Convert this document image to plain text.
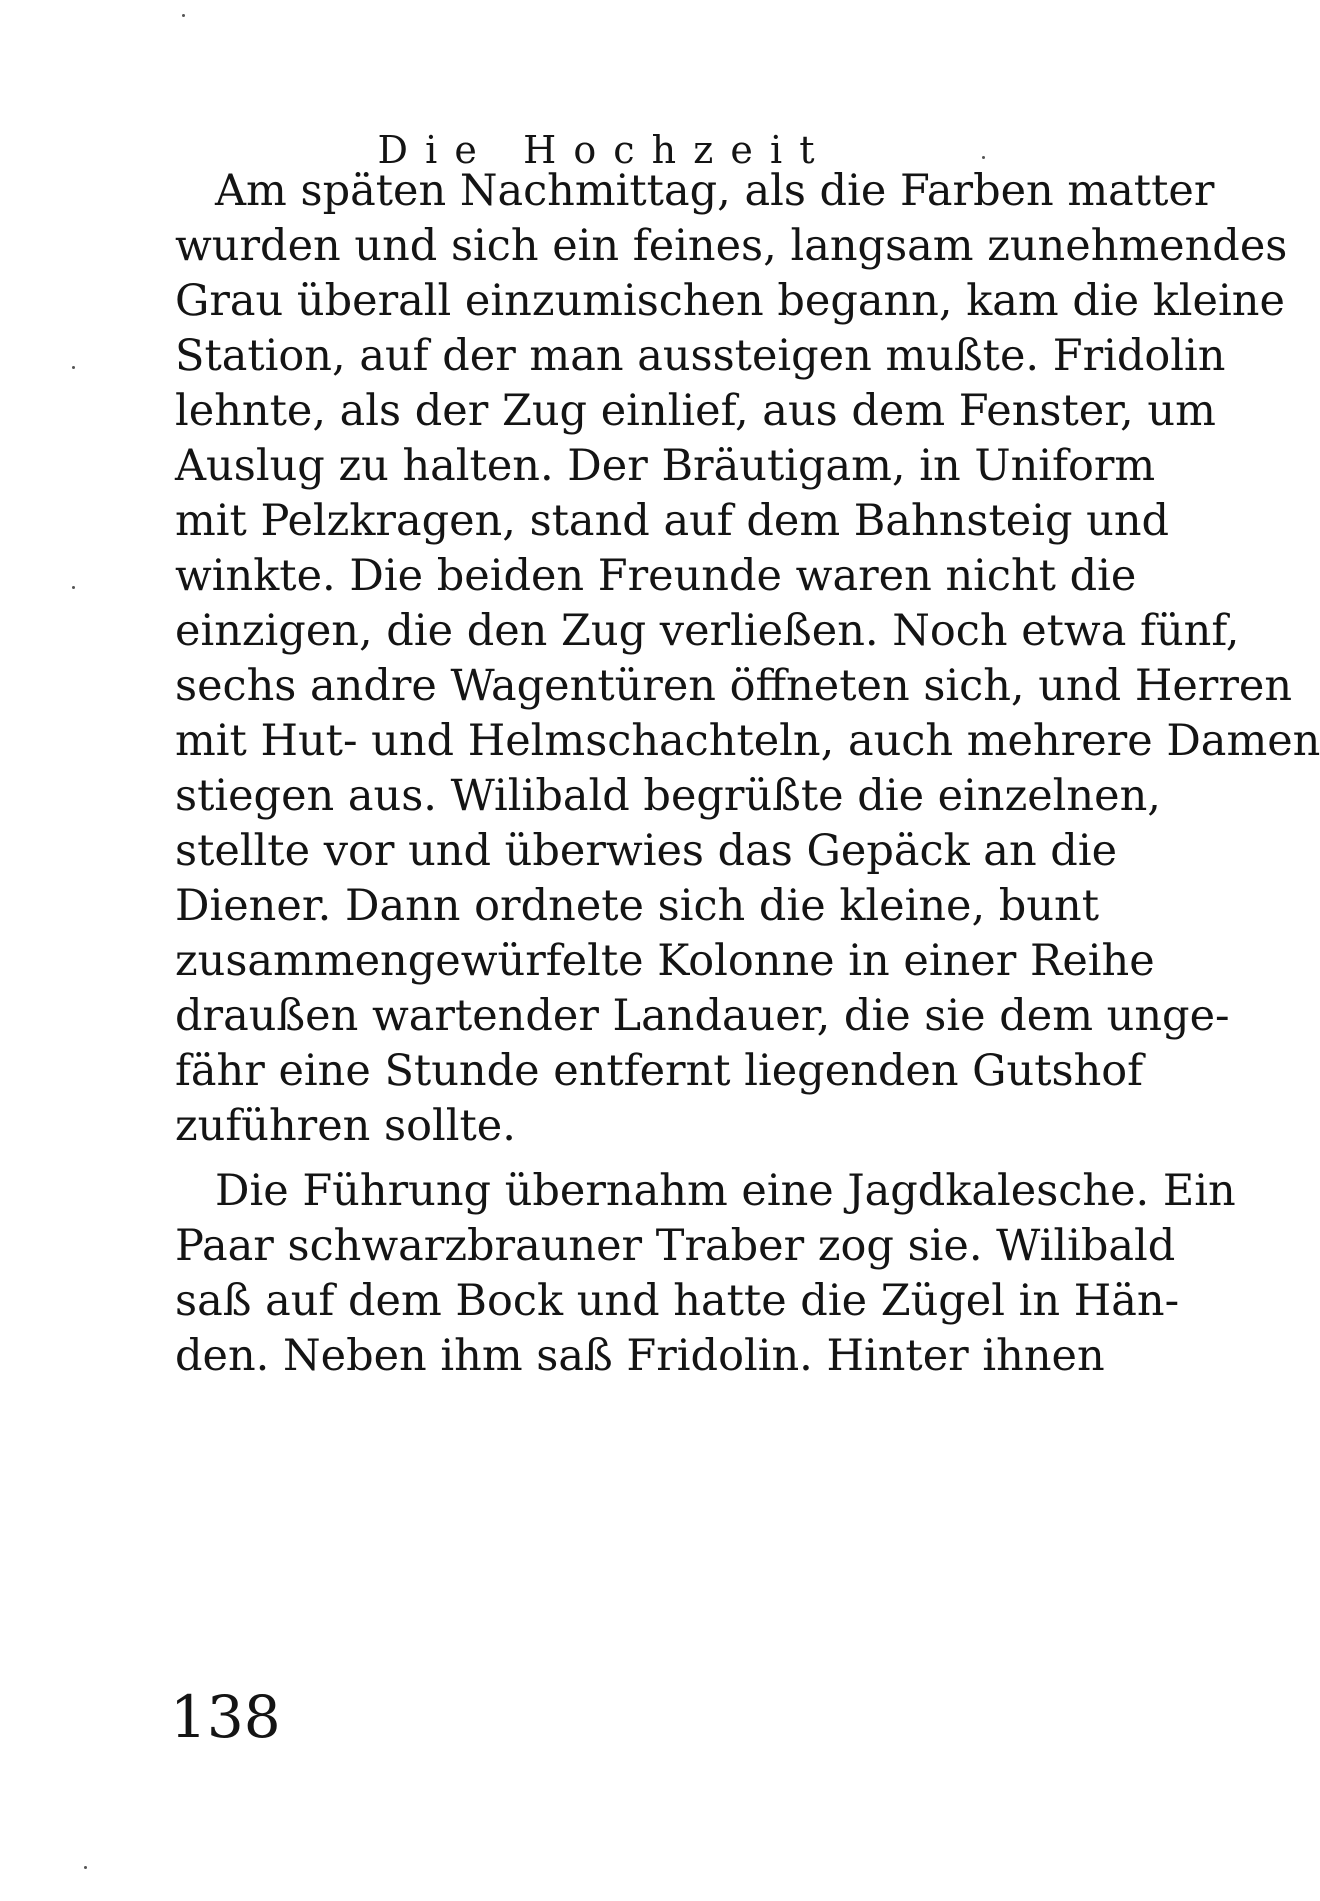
Die Hochzeit
Am späten Nachmittag, als die Farben matter
wurden und sich ein feines, langsam zunehmendes
Grau überall einzumischen begann, kam die kleine
Station, auf der man aussteigen mußte. Fridolin
lehnte, als der Zug einlief, aus dem Fenster, um
Auslug zu halten. Der Bräutigam, in Uniform
mit Pelzkragen, stand auf dem Bahnsteig und
winkte. Die beiden Freunde waren nicht die
einzigen, die den Zug verließen. Noch etwa fünf,
sechs andre Wagentüren öffneten sich, und Herren
mit Hut- und Helmschachteln, auch mehrere Damen
stiegen aus. Wilibald begrüßte die einzelnen,
stellte vor und überwies das Gepäck an die
Diener. Dann ordnete sich die kleine, bunt
zusammengewürfelte Kolonne in einer Reihe
draußen wartender Landauer, die sie dem unge-
fähr eine Stunde entfernt liegenden Gutshof
zuführen sollte.
Die Führung übernahm eine Jagdkalesche. Ein
Paar schwarzbrauner Traber zog sie. Wilibald
saß auf dem Bock und hatte die Zügel in Hän-
den. Neben ihm saß Fridolin. Hinter ihnen
138
